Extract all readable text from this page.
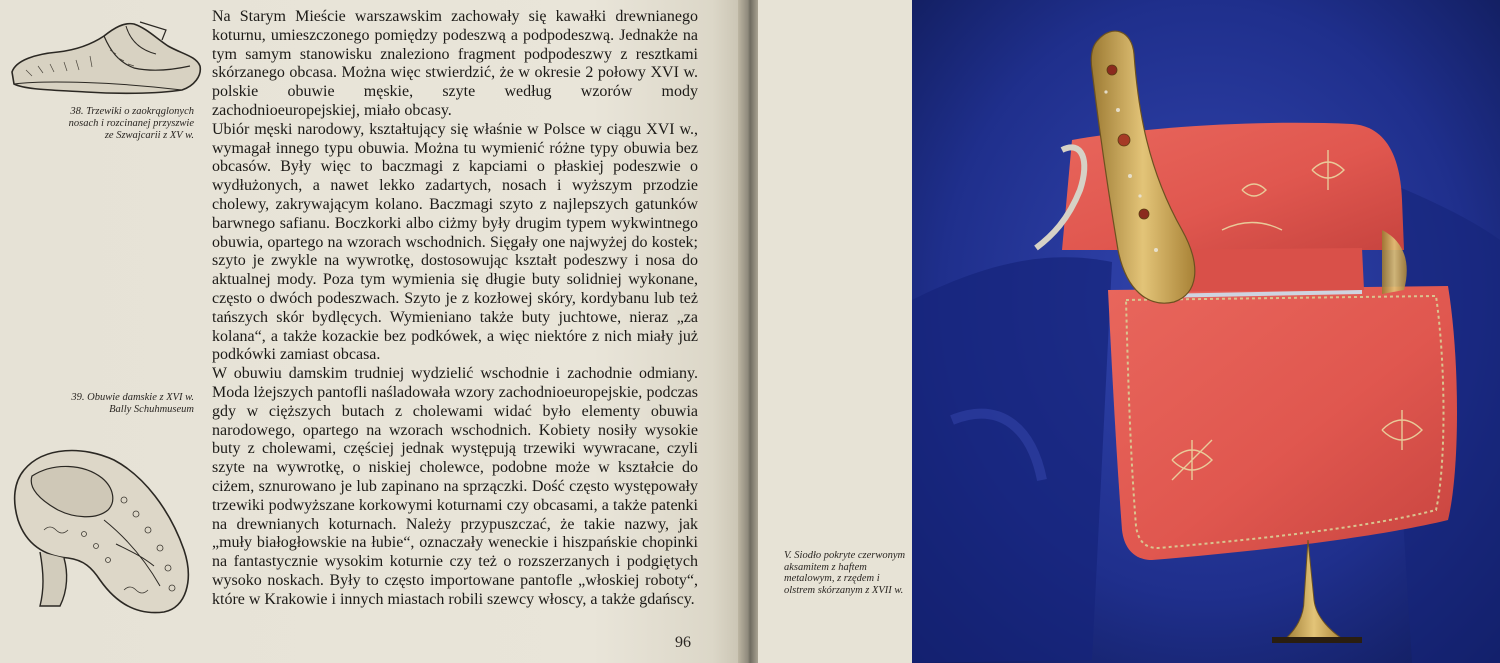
38. Trzewiki o zaokrąglonych nosach i rozcinanej przyszwie ze Szwajcarii z XV w.
39. Obuwie damskie z XVI w. Bally Schuhmuseum

Na Starym Mieście warszawskim zachowały się kawałki drewnianego koturnu, umieszczonego pomiędzy podeszwą a podpodeszwą. Jednakże na tym samym stanowisku znaleziono fragment podpodeszwy z resztkami skórzanego obcasa. Można więc stwierdzić, że w okresie 2 połowy XVI w. polskie obuwie męskie, szyte według wzorów mody zachodnioeuropejskiej, miało obcasy.

Ubiór męski narodowy, kształtujący się właśnie w Polsce w ciągu XVI w., wymagał innego typu obuwia. Można tu wymienić różne typy obuwia bez obcasów. Były więc to baczmagi z kapciami o płaskiej podeszwie o wydłużonych, a nawet lekko zadartych, nosach i wyższym przodzie cholewy, zakrywającym kolano. Baczmagi szyto z najlepszych gatunków barwnego safianu. Boczkorki albo ciżmy były drugim typem wykwintnego obuwia, opartego na wzorach wschodnich. Sięgały one najwyżej do kostek; szyto je zwykle na wywrotkę, dostosowując kształt podeszwy i nosa do aktualnej mody. Poza tym wymienia się długie buty solidniej wykonane, często o dwóch podeszwach. Szyto je z kozłowej skóry, kordybanu lub też tańszych skór bydlęcych. Wymieniano także buty juchtowe, nieraz „za kolana“, a także kozackie bez podkówek, a więc niektóre z nich miały już podkówki zamiast obcasa.

W obuwiu damskim trudniej wydzielić wschodnie i zachodnie odmiany. Moda lżejszych pantofli naśladowała wzory zachodnioeuropejskie, podczas gdy w cięższych butach z cholewami widać było elementy obuwia narodowego, opartego na wzorach wschodnich. Kobiety nosiły wysokie buty z cholewami, częściej jednak występują trzewiki wywracane, czyli szyte na wywrotkę, o niskiej cholewce, podobne może w kształcie do ciżem, sznurowano je lub zapinano na sprzączki. Dość często występowały trzewiki podwyższane korkowymi koturnami czy obcasami, a także patenki na drewnianych koturnach. Należy przypuszczać, że takie nazwy, jak „muły białogłowskie na łubie“, oznaczały weneckie i hiszpańskie chopinki na fantastycznie wysokim koturnie czy też o rozszerzanych i podgiętych wysoko noskach. Były to często importowane pantofle „włoskiej roboty“, które w Krakowie i innych miastach robili szewcy włoscy, a także gdańscy.

96
V. Siodło pokryte czerwonym aksamitem z haftem metalowym, z rzędem i olstrem skórzanym z XVII w.
